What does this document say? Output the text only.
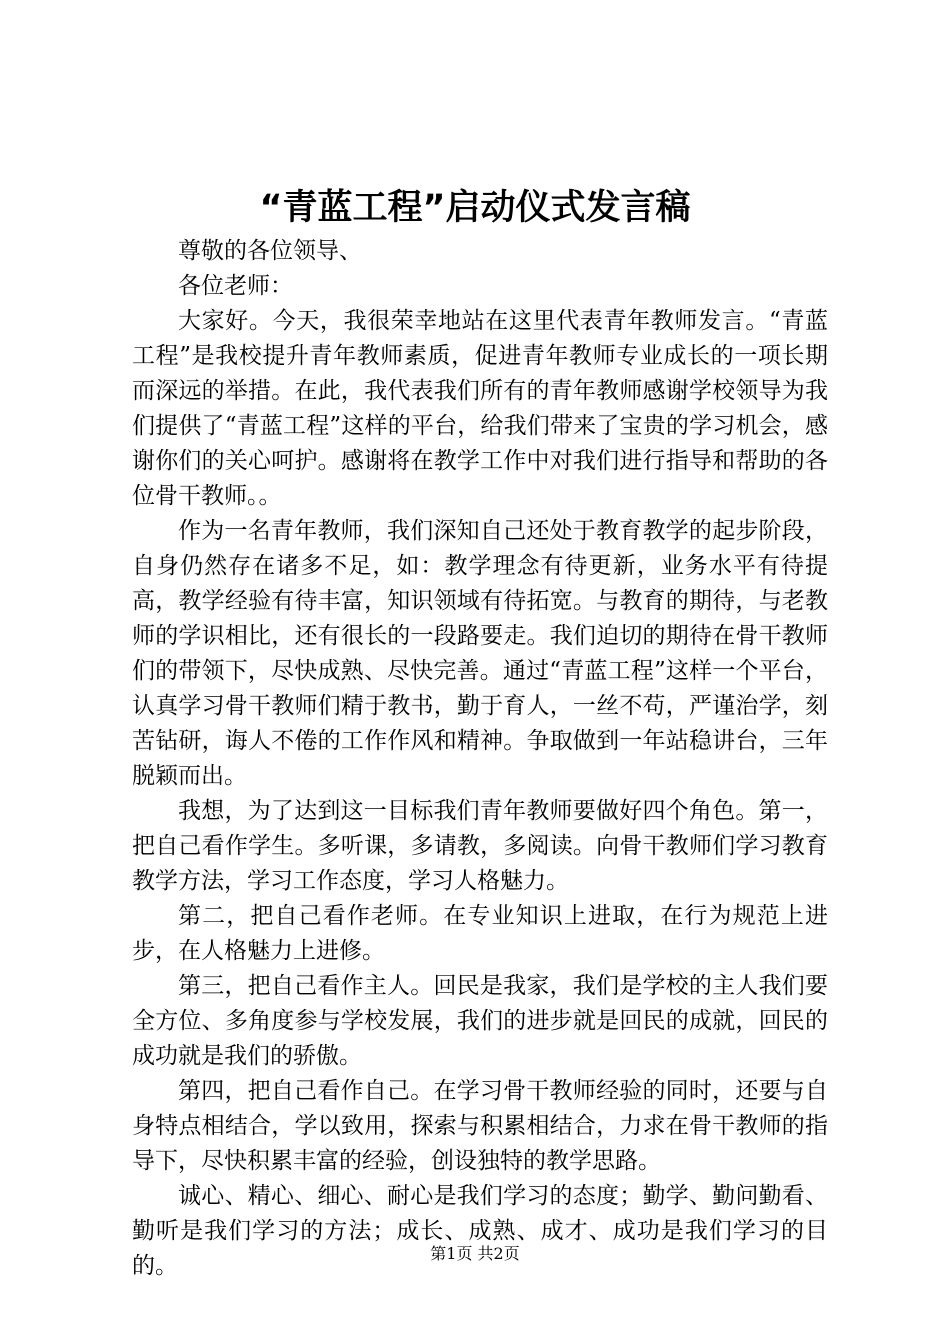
“青蓝工程”启动仪式发言稿

尊敬的各位领导、

各位老师：

大家好。今天，我很荣幸地站在这里代表青年教师发言。“青蓝工程”是我校提升青年教师素质，促进青年教师专业成长的一项长期而深远的举措。在此，我代表我们所有的青年教师感谢学校领导为我们提供了“青蓝工程”这样的平台，给我们带来了宝贵的学习机会，感谢你们的关心呵护。感谢将在教学工作中对我们进行指导和帮助的各位骨干教师。。

作为一名青年教师，我们深知自己还处于教育教学的起步阶段，自身仍然存在诸多不足，如：教学理念有待更新，业务水平有待提高，教学经验有待丰富，知识领域有待拓宽。与教育的期待，与老教师的学识相比，还有很长的一段路要走。我们迫切的期待在骨干教师们的带领下，尽快成熟、尽快完善。通过“青蓝工程”这样一个平台，认真学习骨干教师们精于教书，勤于育人，一丝不苟，严谨治学，刻苦钻研，诲人不倦的工作作风和精神。争取做到一年站稳讲台，三年脱颖而出。

我想，为了达到这一目标我们青年教师要做好四个角色。第一，把自己看作学生。多听课，多请教，多阅读。向骨干教师们学习教育教学方法，学习工作态度，学习人格魅力。

第二，把自己看作老师。在专业知识上进取，在行为规范上进步，在人格魅力上进修。

第三，把自己看作主人。回民是我家，我们是学校的主人我们要全方位、多角度参与学校发展，我们的进步就是回民的成就，回民的成功就是我们的骄傲。

第四，把自己看作自己。在学习骨干教师经验的同时，还要与自身特点相结合，学以致用，探索与积累相结合，力求在骨干教师的指导下，尽快积累丰富的经验，创设独特的教学思路。

诚心、精心、细心、耐心是我们学习的态度；勤学、勤问勤看、勤听是我们学习的方法；成长、成熟、成才、成功是我们学习的目的。	第1页 共2页
